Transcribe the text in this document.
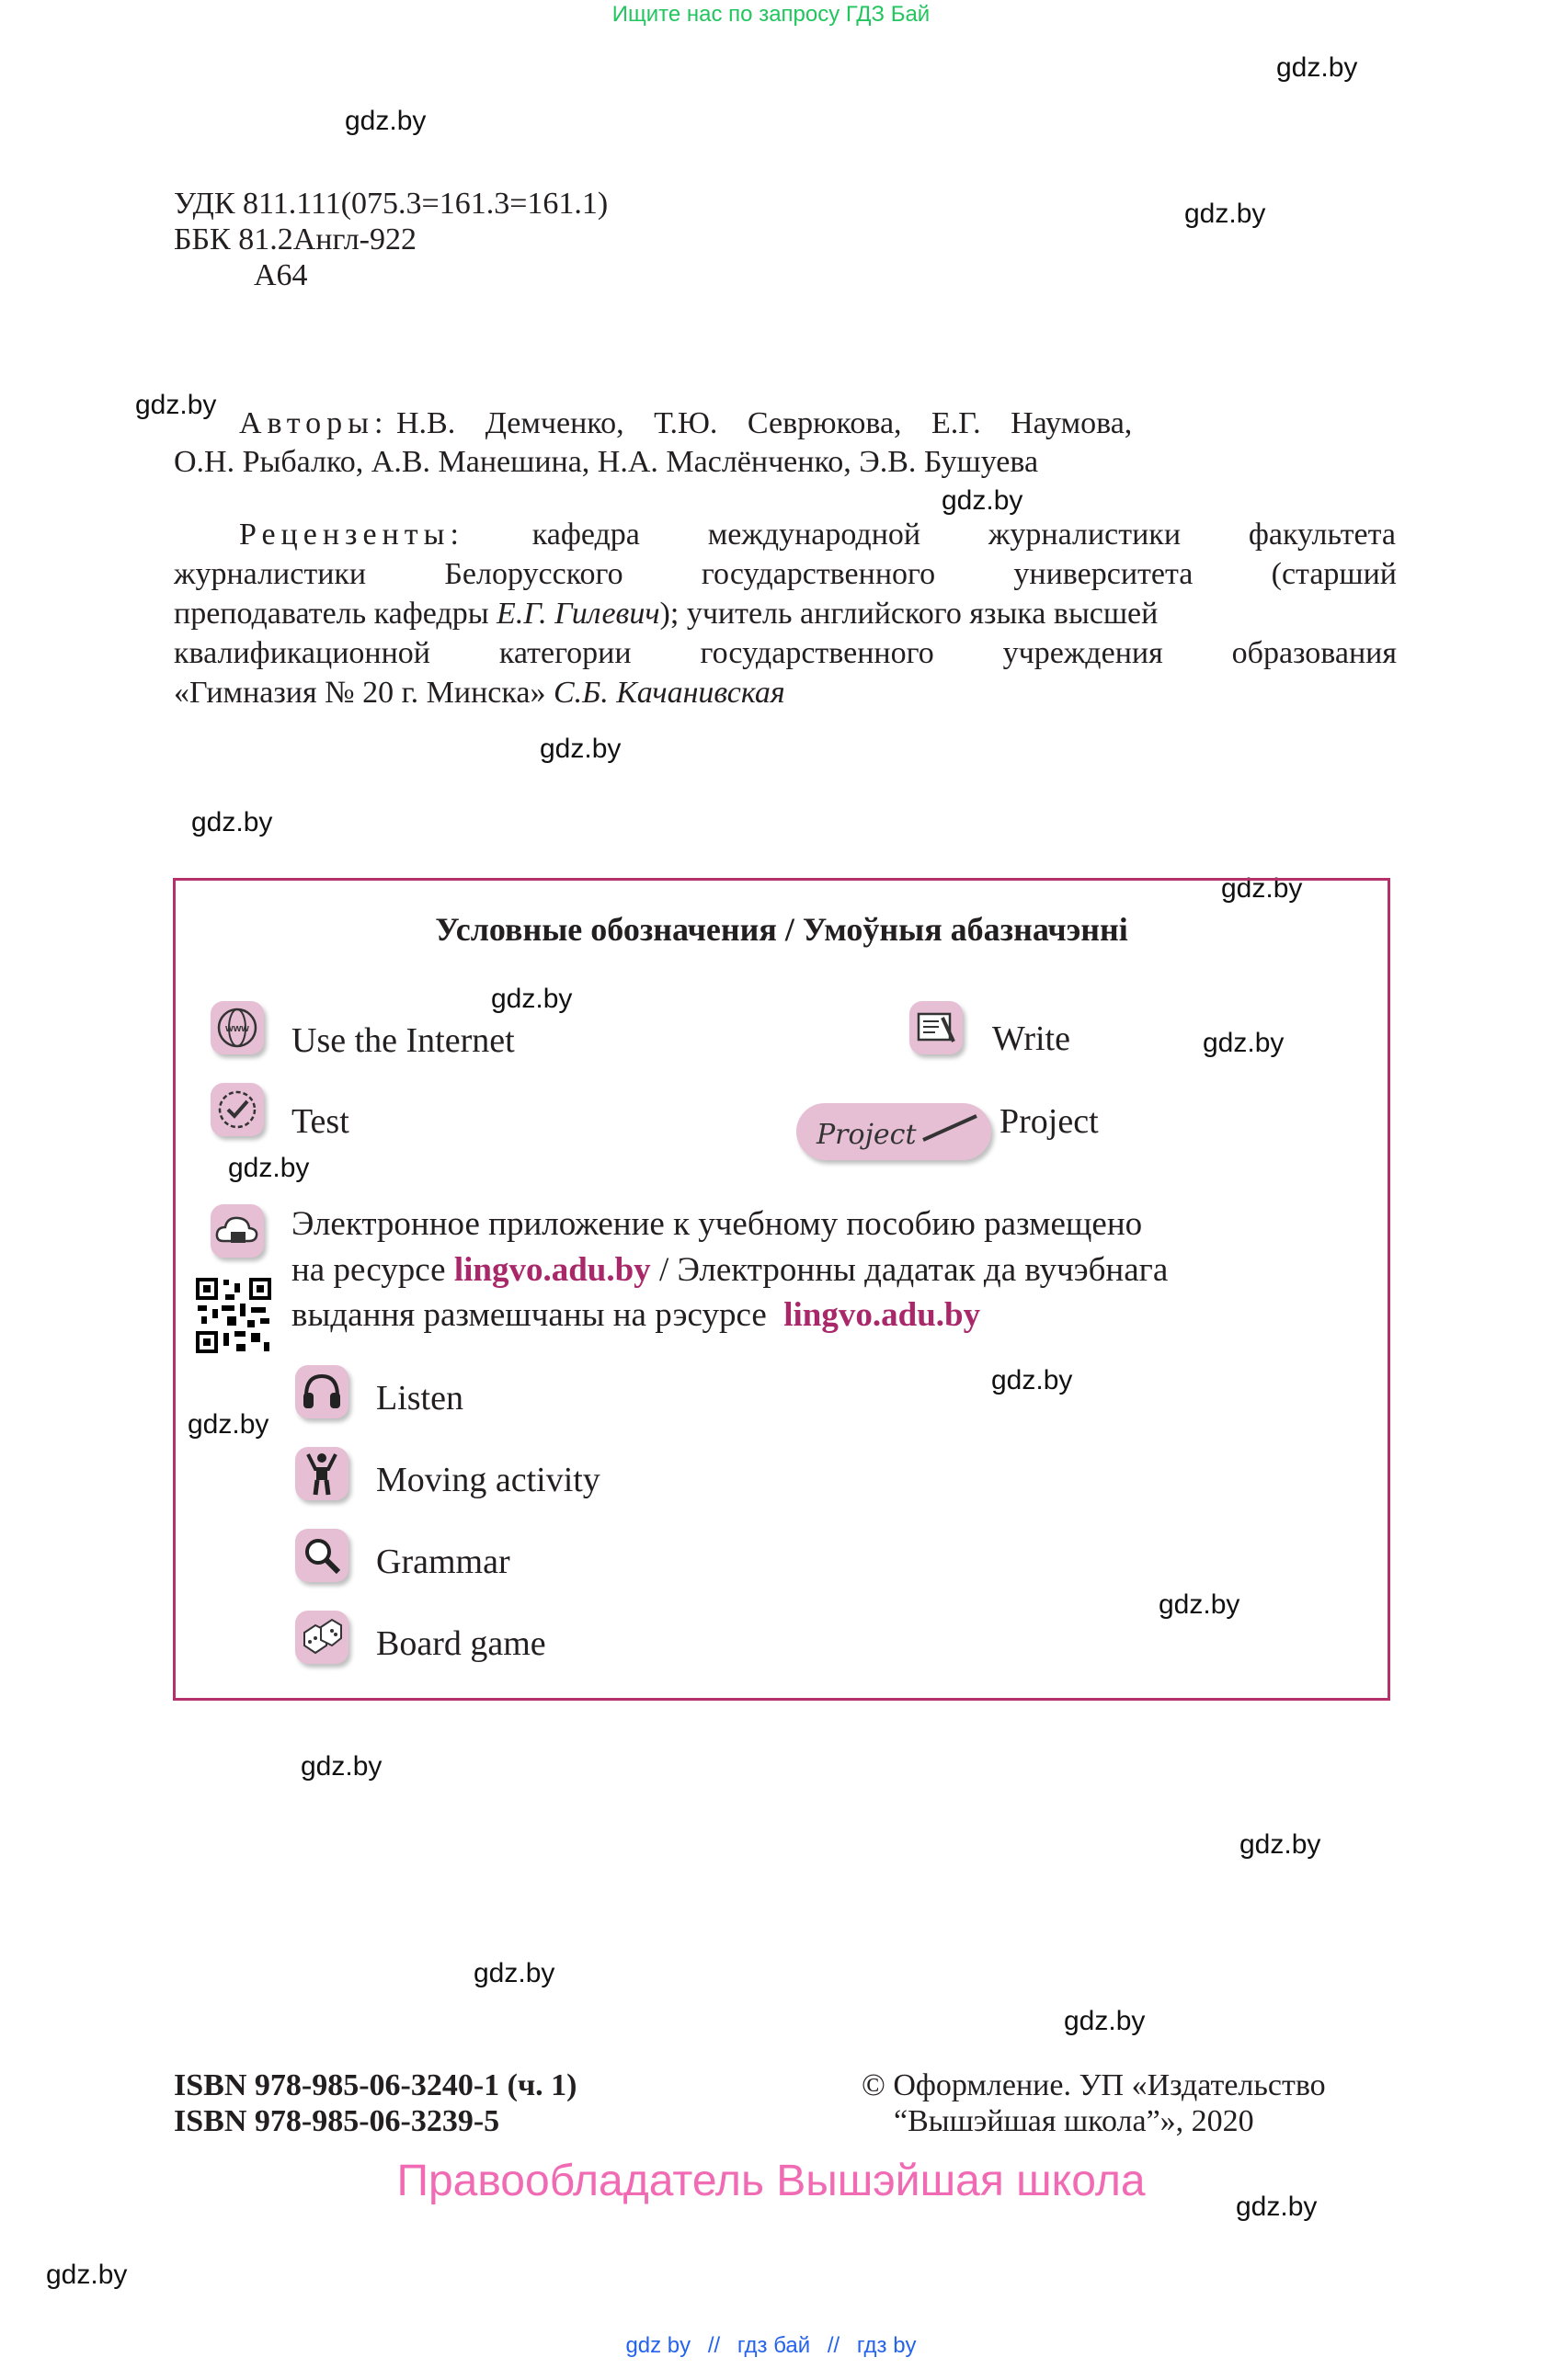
Ищите нас по запросу ГДЗ Бай
gdz.by
gdz.by
gdz.by
gdz.by
gdz.by
gdz.by
gdz.by
gdz.by
gdz.by
gdz.by
gdz.by
gdz.by
gdz.by
gdz.by
gdz.by
gdz.by
gdz.by
gdz.by
gdz.by
gdz.by
УДК 811.111(075.3=161.3=161.1)
ББК 81.2Англ-922
А64
Авторы: Н.В. Демченко, Т.Ю. Севрюкова, Е.Г. Наумова,
О.Н. Рыбалко, А.В. Манешина, Н.А. Маслёнченко, Э.В. Бушуева
Рецензенты: кафедра международной журналистики факультета
журналистики Белорусского государственного университета (старший
преподаватель кафедры Е.Г. Гилевич); учитель английского языка высшей
квалификационной категории государственного учреждения образования
«Гимназия № 20 г. Минска» С.Б. Качанивская
Условные обозначения / Умоўныя абазначэнні
www Use the Internet	Write
Test	Project Project
Электронное приложение к учебному пособию размещено
на ресурсе lingvo.adu.by / Электронны дадатак да вучэбнага
выдання размешчаны на рэсурсе lingvo.adu.by
Listen
Moving activity
Grammar
Board game
ISBN 978-985-06-3240-1 (ч. 1)
ISBN 978-985-06-3239-5
© Оформление. УП «Издательство
“Вышэйшая школа”», 2020
Правообладатель Вышэйшая школа
gdz by // гдз бай // гдз by
